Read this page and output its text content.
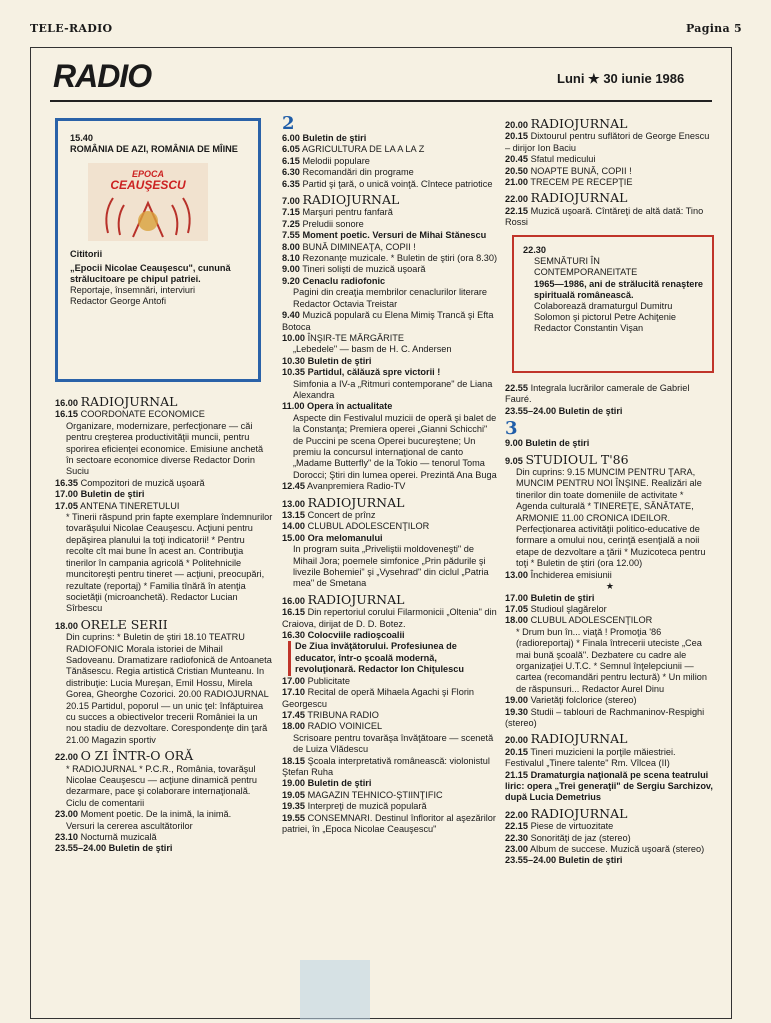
TELE-RADIO	Pagina 5
RADIO	Luni ★ 30 iunie 1986
15.40
ROMÂNIA DE AZI, ROMÂNIA DE MÎINE
EPOCA
CEAUŞESCU
Cititorii
„Epocii Nicolae Ceauşescu", cunună strălucitoare pe chipul patriei.
Reportaje, însemnări, interviuri
Redactor George Antofi
16.00 RADIOJURNAL
16.15 COORDONATE ECONOMICE
Organizare, modernizare, perfecţionare — căi pentru creşterea productivităţii muncii, pentru sporirea eficienţei economice. Emisiune anchetă în sectoare economice diverse Redactor Dorin Suciu
16.35 Compozitori de muzică uşoară
17.00 Buletin de ştiri
17.05 ANTENA TINERETULUI
* Tinerii răspund prin fapte exemplare îndemnurilor tovarăşului Nicolae Ceauşescu. Acţiuni pentru depăşirea planului la toţi indicatorii! * Pentru recolte cît mai bune în acest an. Contribuţia tinerilor în campania agricolă * Politehnicile muncitoreşti pentru tineret — acţiuni, preocupări, rezultate (reportaj) * Familia tînără în atenţia societăţii (microanchetă). Redactor Lucian Sîrbescu
18.00 ORELE SERII
Din cuprins: * Buletin de ştiri 18.10 TEATRU RADIOFONIC Morala istoriei de Mihail Sadoveanu. Dramatizare radiofonică de Antoaneta Tănăsescu. Regia artistică Cristian Munteanu. In distribuţie: Lucia Mureşan, Emil Hossu, Mirela Gorea, Gheorghe Cozorici. 20.00 RADIOJURNAL 20.15 Partidul, poporul — un unic ţel: înfăptuirea cu succes a obiectivelor trecerii României la un nou stadiu de dezvoltare. Corespondenţe din ţară 21.00 Magazin sportiv
22.00 O ZI ÎNTR-O ORĂ
* RADIOJURNAL * P.C.R., România, tovarăşul Nicolae Ceauşescu — acţiune dinamică pentru dezarmare, pace şi colaborare internaţională. Ciclu de comentarii
23.00 Moment poetic. De la inimă, la inimă.
Versuri la cererea ascultătorilor
23.10 Nocturnă muzicală
23.55–24.00 Buletin de ştiri
2
6.00 Buletin de ştiri
6.05 AGRICULTURA DE LA A LA Z
6.15 Melodii populare
6.30 Recomandări din programe
6.35 Partid şi ţară, o unică voinţă. Cîntece patriotice
7.00 RADIOJURNAL
7.15 Marşuri pentru fanfară
7.25 Preludii sonore
7.55 Moment poetic. Versuri de Mihai Stănescu
8.00 BUNĂ DIMINEAŢA, COPII !
8.10 Rezonanţe muzicale. * Buletin de ştiri (ora 8.30)
9.00 Tineri solişti de muzică uşoară
9.20 Cenaclu radiofonic
Pagini din creaţia membrilor cenaclurilor literare Redactor Octavia Treistar
9.40 Muzică populară cu Elena Mimiş Trancă şi Efta Botoca
10.00 ÎNŞIR-TE MĂRGĂRITE
„Lebedele" — basm de H. C. Andersen
10.30 Buletin de ştiri
10.35 Partidul, călăuză spre victorii !
Simfonia a IV-a „Ritmuri contemporane" de Liana Alexandra
11.00 Opera în actualitate
Aspecte din Festivalul muzicii de operă şi balet de la Constanţa; Premiera operei „Gianni Schicchi" de Puccini pe scena Operei bucureştene; Un premiu la concursul internaţional de canto „Madame Butterfly" de la Tokio — tenorul Toma Dorocci; Ştiri din lumea operei. Prezintă Ana Buga
12.45 Avanpremiera Radio-TV
13.00 RADIOJURNAL
13.15 Concert de prînz
14.00 CLUBUL ADOLESCENŢILOR
15.00 Ora melomanului
In program suita „Priveliştii moldoveneşti" de Mihail Jora; poemele simfonice „Prin pădurile şi livezile Bohemiei" şi „Vysehrad" din ciclul „Patria mea" de Smetana
16.00 RADIOJURNAL
16.15 Din repertoriul corului Filarmonicii „Oltenia" din Craiova, dirijat de D. D. Botez.
16.30 Colocviile radioşcoalii
De Ziua învăţătorului. Profesiunea de educator, într-o şcoală modernă, revoluţionară. Redactor Ion Chiţulescu
17.00 Publicitate
17.10 Recital de operă Mihaela Agachi şi Florin Georgescu
17.45 TRIBUNA RADIO
18.00 RADIO VOINICEL
Scrisoare pentru tovarăşa învăţătoare — scenetă de Luiza Vlădescu
18.15 Şcoala interpretativă românească: violonistul Ştefan Ruha
19.00 Buletin de ştiri
19.05 MAGAZIN TEHNICO-ŞTIINŢIFIC
19.35 Interpreţi de muzică populară
19.55 CONSEMNARI. Destinul înfloritor al aşezărilor patriei, în „Epoca Nicolae Ceauşescu"
20.00 RADIOJURNAL
20.15 Dixtourul pentru suflători de George Enescu – dirijor Ion Baciu
20.45 Sfatul medicului
20.50 NOAPTE BUNĂ, COPII !
21.00 TRECEM PE RECEPŢIE
22.00 RADIOJURNAL
22.15 Muzică uşoară. Cîntăreţi de altă dată: Tino Rossi
22.30
SEMNĂTURI ÎN CONTEMPORANEITATE
1965—1986, ani de strălucită renaştere spirituală românească.
Colaborează dramaturgul Dumitru Solomon şi pictorul Petre Achiţenie
Redactor Constantin Vişan
22.55 Integrala lucrărilor camerale de Gabriel Fauré.
23.55–24.00 Buletin de ştiri
3
9.00 Buletin de ştiri
9.05 STUDIOUL T'86
Din cuprins: 9.15 MUNCIM PENTRU ŢARA, MUNCIM PENTRU NOI ÎNŞINE. Realizări ale tinerilor din toate domeniile de activitate * Agenda culturală * TINEREŢE, SĂNĂTATE, ARMONIE 11.00 CRONICA IDEILOR. Perfecţionarea activităţii politico-educative de formare a omului nou, cerinţă esenţială a noii etape de dezvoltare a ţării * Muzicoteca pentru toţi * Buletin de ştiri (ora 12.00)
13.00 Închiderea emisiunii
★
17.00 Buletin de ştiri
17.05 Studioul şlagărelor
18.00 CLUBUL ADOLESCENŢILOR
* Drum bun în... viaţă ! Promoţia '86 (radioreportaj) * Finala întrecerii uteciste „Cea mai bună şcoală". Dezbatere cu cadre ale organizaţiei U.T.C. * Semnul înţelepciunii — cartea (recomandări pentru lectură) * Un milion de răspunsuri... Redactor Aurel Dinu
19.00 Varietăţi folclorice (stereo)
19.30 Studii – tablouri de Rachmaninov-Respighi (stereo)
20.00 RADIOJURNAL
20.15 Tineri muzicieni la porţile măiestriei. Festivalul „Tinere talente" Rm. Vîlcea (II)
21.15 Dramaturgia naţională pe scena teatrului liric: opera „Trei generaţii" de Sergiu Sarchizov, după Lucia Demetrius
22.00 RADIOJURNAL
22.15 Piese de virtuozitate
22.30 Sonorităţi de jaz (stereo)
23.00 Album de succese. Muzică uşoară (stereo)
23.55–24.00 Buletin de ştiri
